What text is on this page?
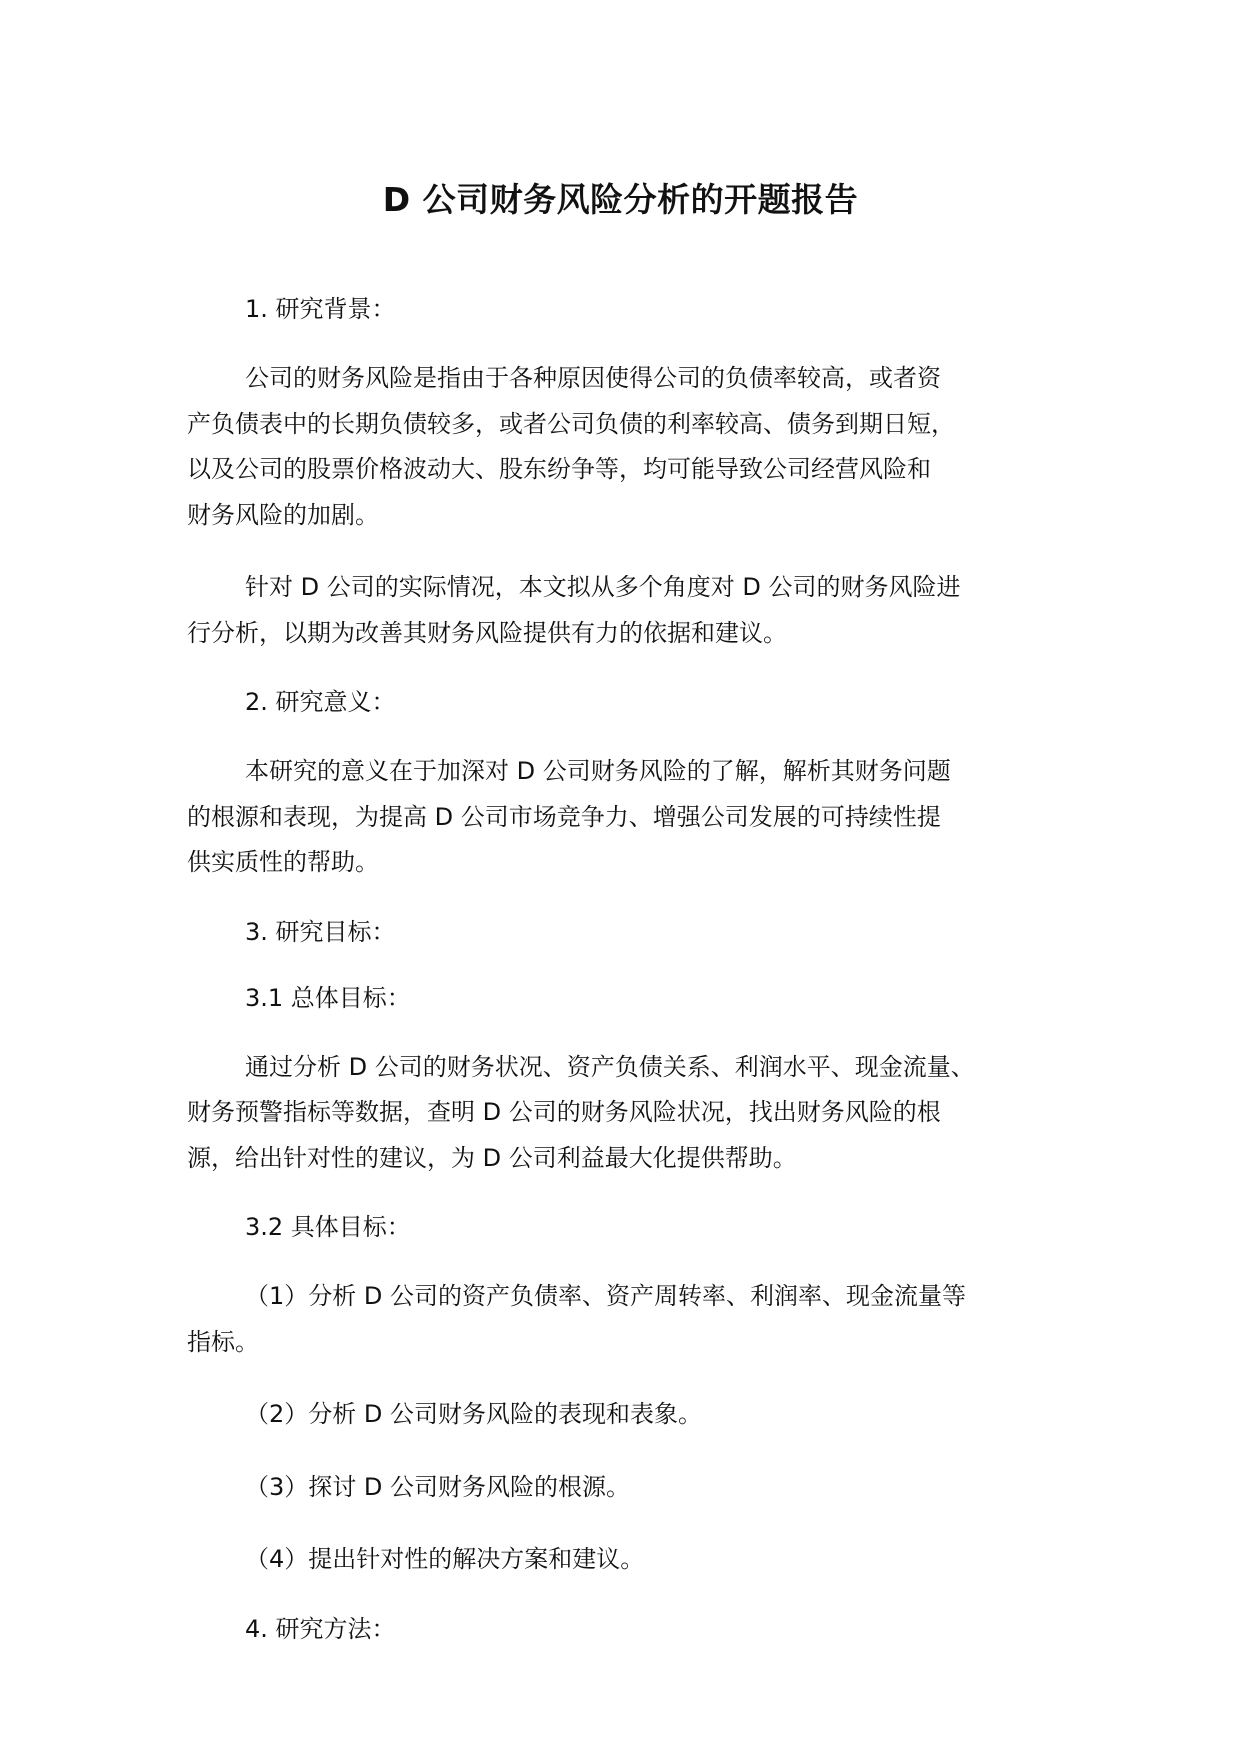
D 公司财务风险分析的开题报告

1. 研究背景：

公司的财务风险是指由于各种原因使得公司的负债率较高，或者资
产负债表中的长期负债较多，或者公司负债的利率较高、债务到期日短，
以及公司的股票价格波动大、股东纷争等，均可能导致公司经营风险和
财务风险的加剧。

针对 D 公司的实际情况，本文拟从多个角度对 D 公司的财务风险进
行分析，以期为改善其财务风险提供有力的依据和建议。

2. 研究意义：

本研究的意义在于加深对 D 公司财务风险的了解，解析其财务问题
的根源和表现，为提高 D 公司市场竞争力、增强公司发展的可持续性提
供实质性的帮助。

3. 研究目标：

3.1 总体目标：

通过分析 D 公司的财务状况、资产负债关系、利润水平、现金流量、
财务预警指标等数据，查明 D 公司的财务风险状况，找出财务风险的根
源，给出针对性的建议，为 D 公司利益最大化提供帮助。

3.2 具体目标：

（1）分析 D 公司的资产负债率、资产周转率、利润率、现金流量等
指标。

（2）分析 D 公司财务风险的表现和表象。

（3）探讨 D 公司财务风险的根源。

（4）提出针对性的解决方案和建议。

4. 研究方法：
